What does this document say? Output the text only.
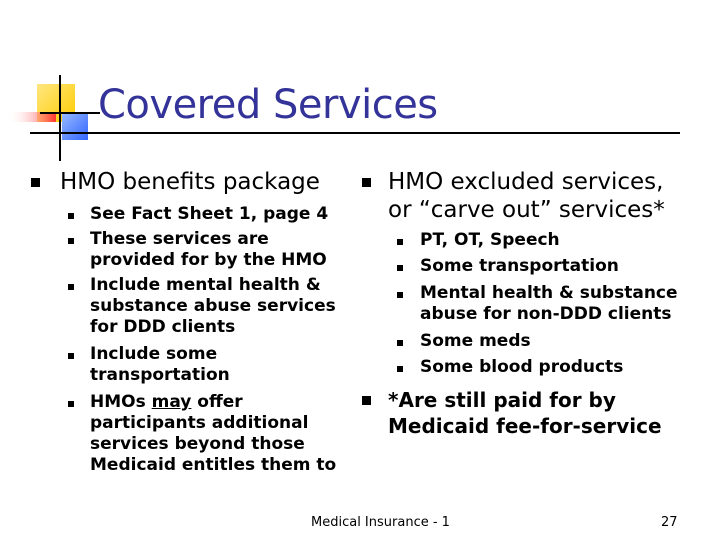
Covered Services
HMO benefits package
See Fact Sheet 1, page 4
These services are
provided for by the HMO
Include mental health &
substance abuse services
for DDD clients
Include some
transportation
HMOs may offer
participants additional
services beyond those
Medicaid entitles them to
HMO excluded services,
or “carve out” services*
PT, OT, Speech
Some transportation
Mental health & substance
abuse for non-DDD clients
Some meds
Some blood products
*Are still paid for by
Medicaid fee-for-service
Medical Insurance - 1	27
